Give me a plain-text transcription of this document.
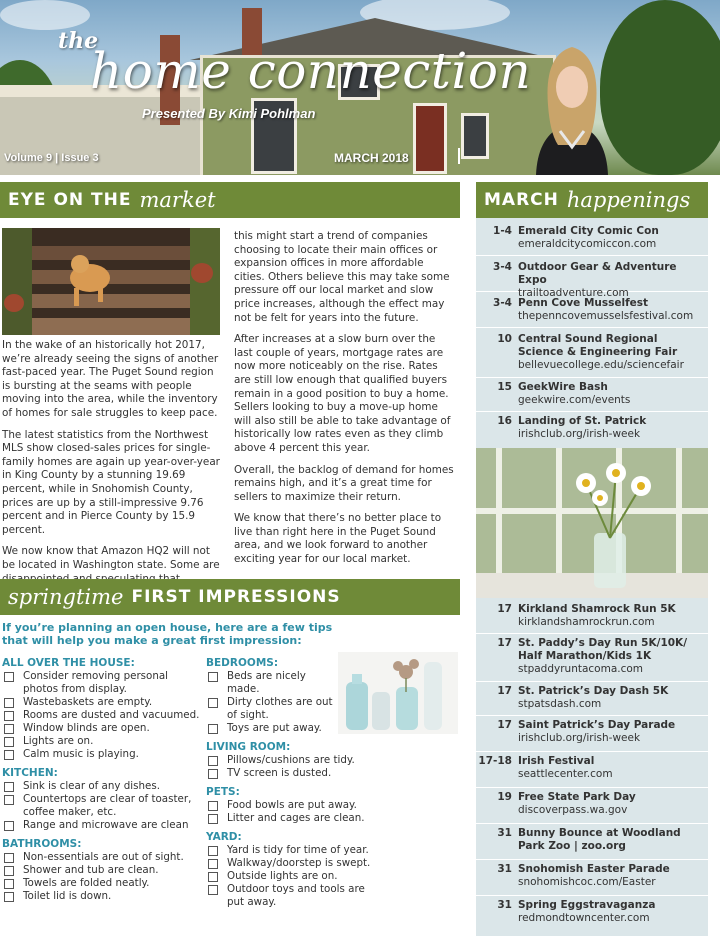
the
home connection
Presented By Kimi Pohlman
Volume 9 | Issue 3	MARCH 2018
EYE ON THE market

In the wake of an historically hot 2017, we’re already seeing the signs of another fast-paced year. The Puget Sound region is bursting at the seams with people moving into the area, while the inventory of homes for sale struggles to keep pace.

The latest statistics from the Northwest MLS show closed-sales prices for single-family homes are again up year-over-year in King County by a stunning 19.69 percent, while in Snohomish County, prices are up by a still-impressive 9.76 percent and in Pierce County by 15.9 percent.

We now know that Amazon HQ2 will not be located in Washington state. Some are

this might start a trend of companies choosing to locate their main offices or expansion offices in more affordable cities. Others believe this may take some pressure off our local market and slow price increases, although the effect may not be felt for years into the future.

After increases at a slow burn over the last couple of years, mortgage rates are now more noticeably on the rise. Rates are still low enough that qualified buyers remain in a good position to buy a home. Sellers looking to buy a move-up home will also still be able to take advantage of historically low rates even as they climb above 4 percent this year.

Overall, the backlog of demand for homes remains high, and it’s a great time for sellers to maximize their return.

We know that there’s no better place to live than right here in the Puget Sound area, and we look forward to another exciting year for our local market.

MARCH happenings
1-4 Emerald City Comic Con
emeraldcitycomiccon.com
3-4 Outdoor Gear & Adventure Expo
trailtoadventure.com
3-4 Penn Cove Musselfest
thepenncovemusselsfestival.com
10 Central Sound Regional Science & Engineering Fair
bellevuecollege.edu/sciencefair
15 GeekWire Bash
geekwire.com/events
16 Landing of St. Patrick
irishclub.org/irish-week
17 Kirkland Shamrock Run 5K
kirklandshamrockrun.com
17 St. Paddy’s Day Run 5K/10K/ Half Marathon/Kids 1K
stpaddyruntacoma.com
17 St. Patrick’s Day Dash 5K
stpatsdash.com
17 Saint Patrick’s Day Parade
irishclub.org/irish-week
17-18 Irish Festival
seattlecenter.com
19 Free State Park Day
discoverpass.wa.gov
31 Bunny Bounce at Woodland Park Zoo | zoo.org
31 Snohomish Easter Parade
snohomishcoc.com/Easter
31 Spring Eggstravaganza
redmondtowncenter.com
springtime FIRST IMPRESSIONS
If you’re planning an open house, here are a few tips that will help you make a great first impression:

ALL OVER THE HOUSE:

Consider removing personal photos from display.
Wastebaskets are empty.
Rooms are dusted and vacuumed.
Window blinds are open.
Lights are on.
Calm music is playing.

KITCHEN:

Sink is clear of any dishes.
Countertops are clear of toaster, coffee maker, etc.
Range and microwave are clean

BATHROOMS:

Non-essentials are out of sight.
Shower and tub are clean.
Towels are folded neatly.
Toilet lid is down.

BEDROOMS:

Beds are nicely made.
Dirty clothes are out of sight.
Toys are put away.

LIVING ROOM:

Pillows/cushions are tidy.
TV screen is dusted.

PETS:

Food bowls are put away.
Litter and cages are clean.

YARD:

Yard is tidy for time of year.
Walkway/doorstep is swept.
Outside lights are on.
Outdoor toys and tools are put away.
